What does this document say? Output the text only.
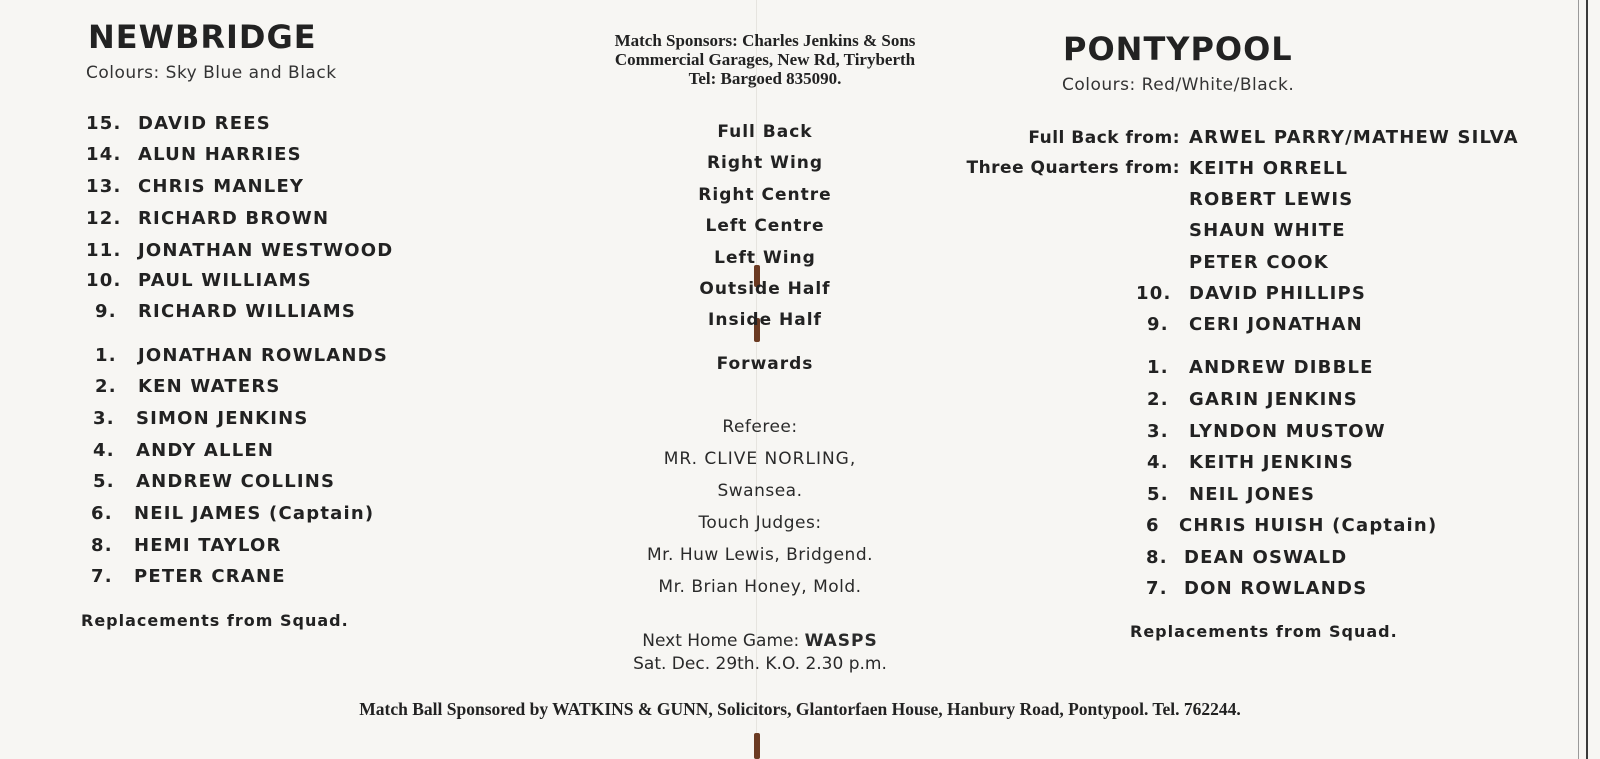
NEWBRIDGE
Colours: Sky Blue and Black
15. DAVID REES
14. ALUN HARRIES
13. CHRIS MANLEY
12. RICHARD BROWN
11. JONATHAN WESTWOOD
10. PAUL WILLIAMS
9. RICHARD WILLIAMS
1. JONATHAN ROWLANDS
2. KEN WATERS
3. SIMON JENKINS
4. ANDY ALLEN
5. ANDREW COLLINS
6. NEIL JAMES (Captain)
8. HEMI TAYLOR
7. PETER CRANE
Replacements from Squad.
Match Sponsors: Charles Jenkins & Sons
Commercial Garages, New Rd, Tiryberth
Tel: Bargoed 835090.
Full Back
Right Wing
Right Centre
Left Centre
Left Wing
Outside Half
Inside Half
Forwards
Referee:
MR. CLIVE NORLING,
Swansea.
Touch Judges:
Mr. Huw Lewis, Bridgend.
Mr. Brian Honey, Mold.
Next Home Game: WASPS
Sat. Dec. 29th. K.O. 2.30 p.m.
PONTYPOOL
Colours: Red/White/Black.
Full Back from:
Three Quarters from:
ARWEL PARRY/MATHEW SILVA
KEITH ORRELL
ROBERT LEWIS
SHAUN WHITE
PETER COOK
10. DAVID PHILLIPS
9. CERI JONATHAN
1. ANDREW DIBBLE
2. GARIN JENKINS
3. LYNDON MUSTOW
4. KEITH JENKINS
5. NEIL JONES
6 CHRIS HUISH (Captain)
8. DEAN OSWALD
7. DON ROWLANDS
Replacements from Squad.
Match Ball Sponsored by WATKINS & GUNN, Solicitors, Glantorfaen House, Hanbury Road, Pontypool. Tel. 762244.
